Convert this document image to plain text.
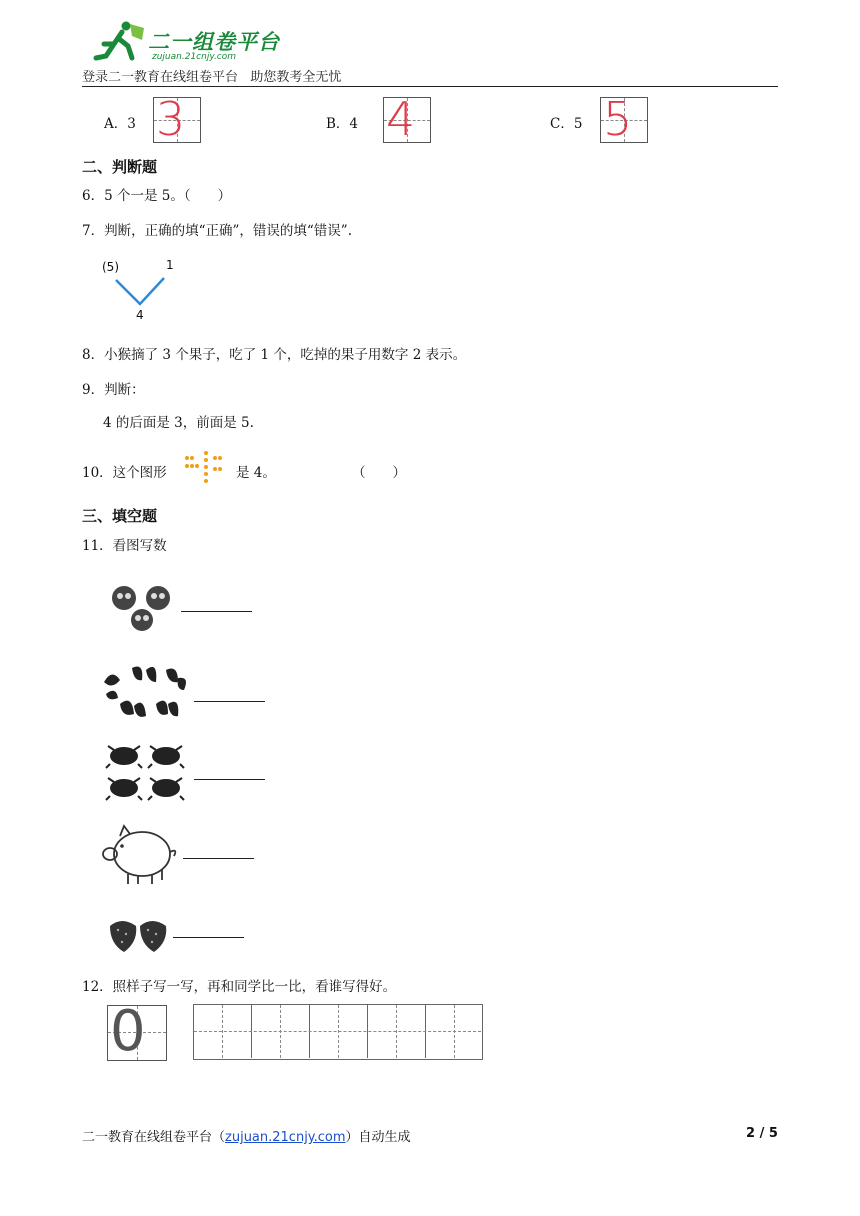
二一组卷平台
zujuan.21cnjy.com
登录二一教育在线组卷平台   助您教考全无忧
A．3 3	B．4 4	C．5 5
二、判断题
6．5 个一是 5。（　　）
7．判断，正确的填“正确”，错误的填“错误”.
(5)	1
4
8．小猴摘了 3 个果子，吃了 1 个，吃掉的果子用数字 2 表示。
9．判断：
4 的后面是 3，前面是 5.
10．这个图形	是 4。	（　　）
三、填空题
11．看图写数
12．照样子写一写，再和同学比一比，看谁写得好。
0
二一教育在线组卷平台（zujuan.21cnjy.com）自动生成	2 / 5
